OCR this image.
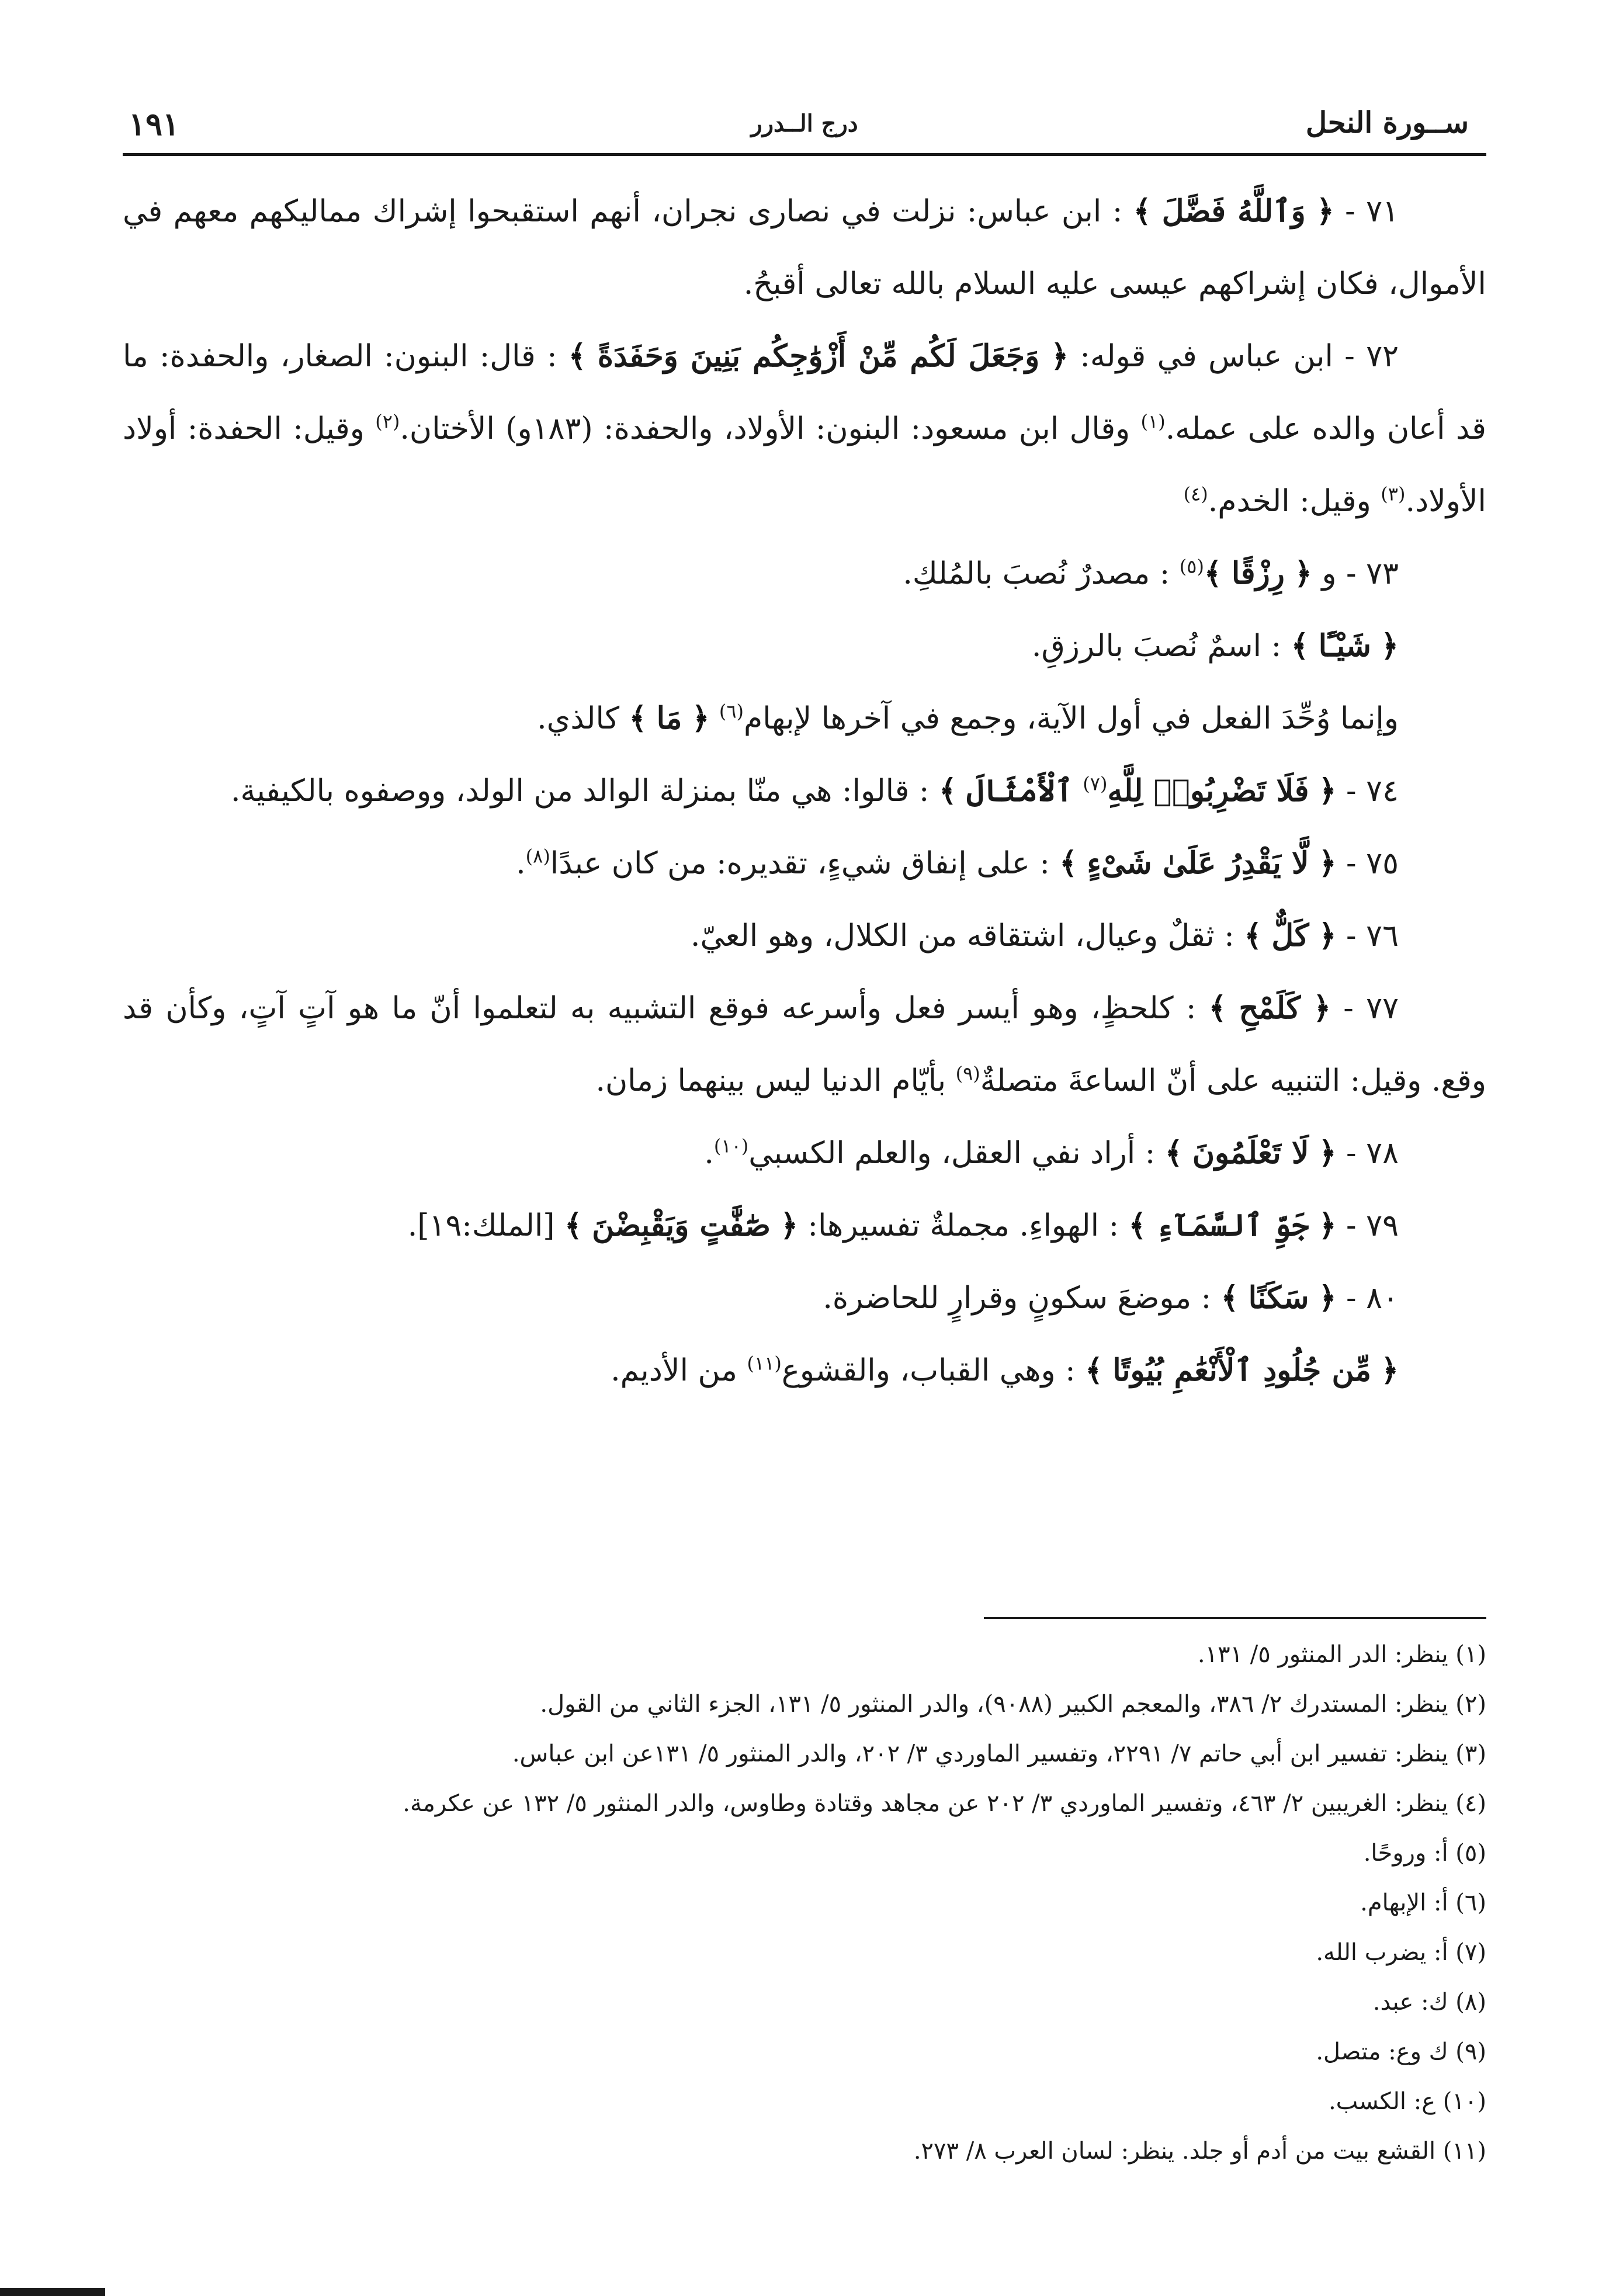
ســورة النحل
درج الــدرر
١٩١

٧١ - ﴿ وَٱللَّهُ فَضَّلَ ﴾ : ابن عباس: نزلت في نصارى نجران، أنهم استقبحوا إشراك مماليكهم معهم في الأموال، فكان إشراكهم عيسى عليه السلام بالله تعالى أقبحُ.

٧٢ - ابن عباس في قوله: ﴿ وَجَعَلَ لَكُم مِّنْ أَزْوَٰجِكُم بَنِينَ وَحَفَدَةً ﴾ : قال: البنون: الصغار، والحفدة: ما قد أعان والده على عمله.$^{(١)}$ وقال ابن مسعود: البنون: الأولاد، والحفدة: (١٨٣و) الأختان.$^{(٢)}$ وقيل: الحفدة: أولاد الأولاد.$^{(٣)}$ وقيل: الخدم.$^{(٤)}$

٧٣ - و ﴿ رِزْقًا ﴾$^{(٥)}$ : مصدرٌ نُصبَ بالمُلكِ.

﴿ شَيْـًٔا ﴾ : اسمٌ نُصبَ بالرزقِ.

وإنما وُحِّدَ الفعل في أول الآية، وجمع في آخرها لإبهام$^{(٦)}$ ﴿ مَا ﴾ كالذي.

٧٤ - ﴿ فَلَا تَضْرِبُوا۟ لِلَّهِ$^{(٧)}$ ٱلْأَمْثَالَ ﴾ : قالوا: هي منّا بمنزلة الوالد من الولد، ووصفوه بالكيفية.

٧٥ - ﴿ لَّا يَقْدِرُ عَلَىٰ شَىْءٍ ﴾ : على إنفاق شيءٍ، تقديره: من كان عبدًا$^{(٨)}$.

٧٦ - ﴿ كَلٌّ ﴾ : ثقلٌ وعيال، اشتقاقه من الكلال، وهو العيّ.

٧٧ - ﴿ كَلَمْحِ ﴾ : كلحظٍ، وهو أيسر فعل وأسرعه فوقع التشبيه به لتعلموا أنّ ما هو آتٍ آتٍ، وكأن قد وقع. وقيل: التنبيه على أنّ الساعةَ متصلةٌ$^{(٩)}$ بأيّام الدنيا ليس بينهما زمان.

٧٨ - ﴿ لَا تَعْلَمُونَ ﴾ : أراد نفي العقل، والعلم الكسبي$^{(١٠)}$.

٧٩ - ﴿ جَوِّ ٱلسَّمَآءِ ﴾ : الهواءِ. مجملةٌ تفسيرها: ﴿ صَٰٓفَّٰتٍ وَيَقْبِضْنَ ﴾ [الملك:١٩].

٨٠ - ﴿ سَكَنًا ﴾ : موضعَ سكونٍ وقرارٍ للحاضرة.

﴿ مِّن جُلُودِ ٱلْأَنْعَٰمِ بُيُوتًا ﴾ : وهي القباب، والقشوع$^{(١١)}$ من الأديم.

(١) ينظر: الدر المنثور ٥/ ١٣١.

(٢) ينظر: المستدرك ٢/ ٣٨٦، والمعجم الكبير (٩٠٨٨)، والدر المنثور ٥/ ١٣١، الجزء الثاني من القول.

(٣) ينظر: تفسير ابن أبي حاتم ٧/ ٢٢٩١، وتفسير الماوردي ٣/ ٢٠٢، والدر المنثور ٥/ ١٣١عن ابن عباس.

(٤) ينظر: الغريبين ٢/ ٤٦٣، وتفسير الماوردي ٣/ ٢٠٢ عن مجاهد وقتادة وطاوس، والدر المنثور ٥/ ١٣٢ عن عكرمة.

(٥) أ: وروحًا.

(٦) أ: الإبهام.

(٧) أ: يضرب الله.

(٨) ك: عبد.

(٩) ك وع: متصل.

(١٠) ع: الكسب.

(١١) القشع بيت من أدم أو جلد. ينظر: لسان العرب ٨/ ٢٧٣.
